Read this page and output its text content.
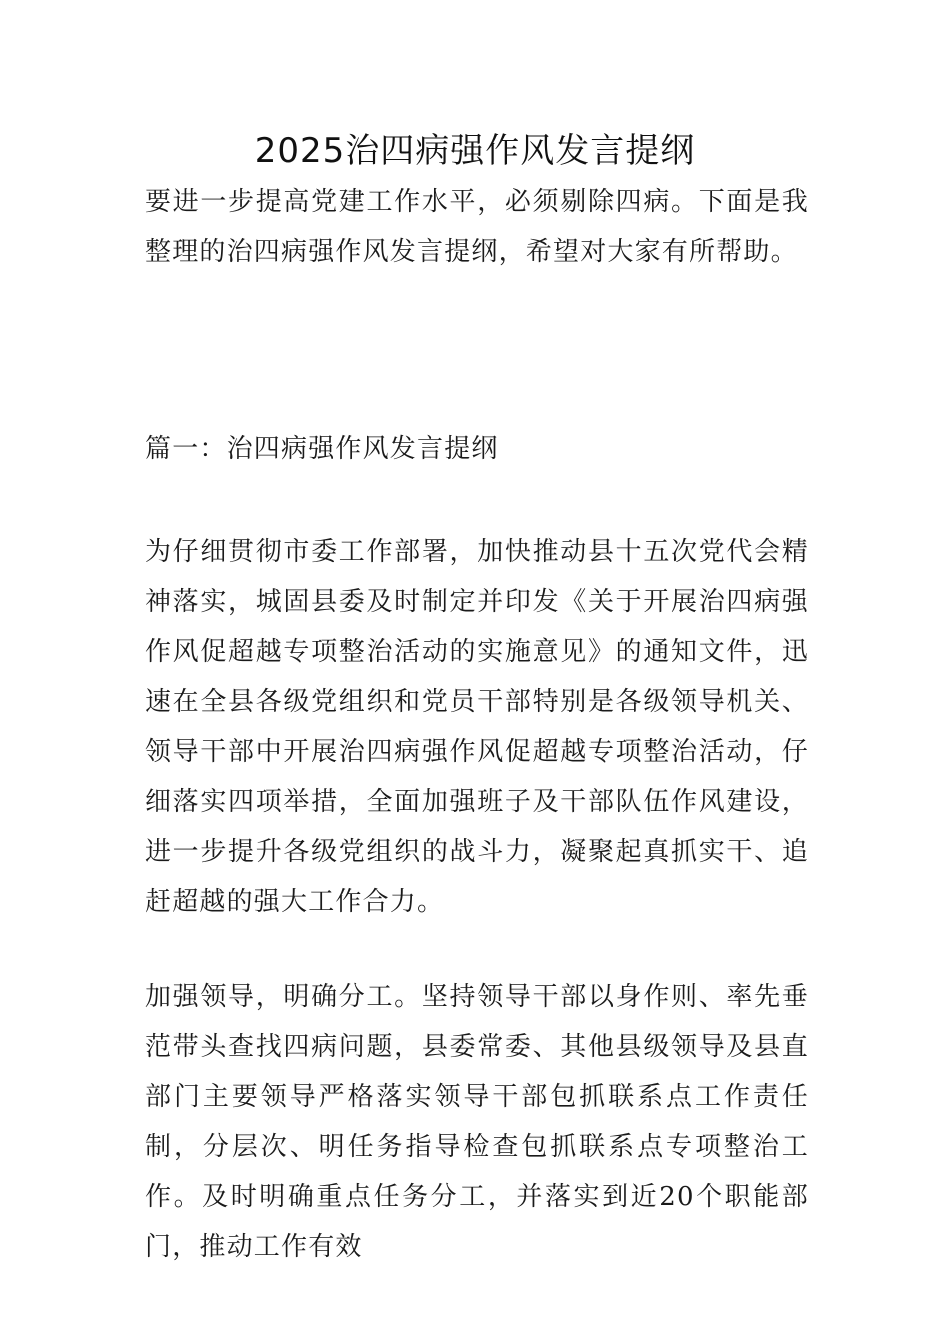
2025治四病强作风发言提纲

要进一步提高党建工作水平，必须剔除四病。下面是我整理的治四病强作风发言提纲，希望对大家有所帮助。

篇一：治四病强作风发言提纲

为仔细贯彻市委工作部署，加快推动县十五次党代会精神落实，城固县委及时制定并印发《关于开展治四病强作风促超越专项整治活动的实施意见》的通知文件，迅速在全县各级党组织和党员干部特别是各级领导机关、领导干部中开展治四病强作风促超越专项整治活动，仔细落实四项举措，全面加强班子及干部队伍作风建设，进一步提升各级党组织的战斗力，凝聚起真抓实干、追赶超越的强大工作合力。

加强领导，明确分工。坚持领导干部以身作则、率先垂范带头查找四病问题，县委常委、其他县级领导及县直部门主要领导严格落实领导干部包抓联系点工作责任制，分层次、明任务指导检查包抓联系点专项整治工作。及时明确重点任务分工，并落实到近20个职能部门，推动工作有效
